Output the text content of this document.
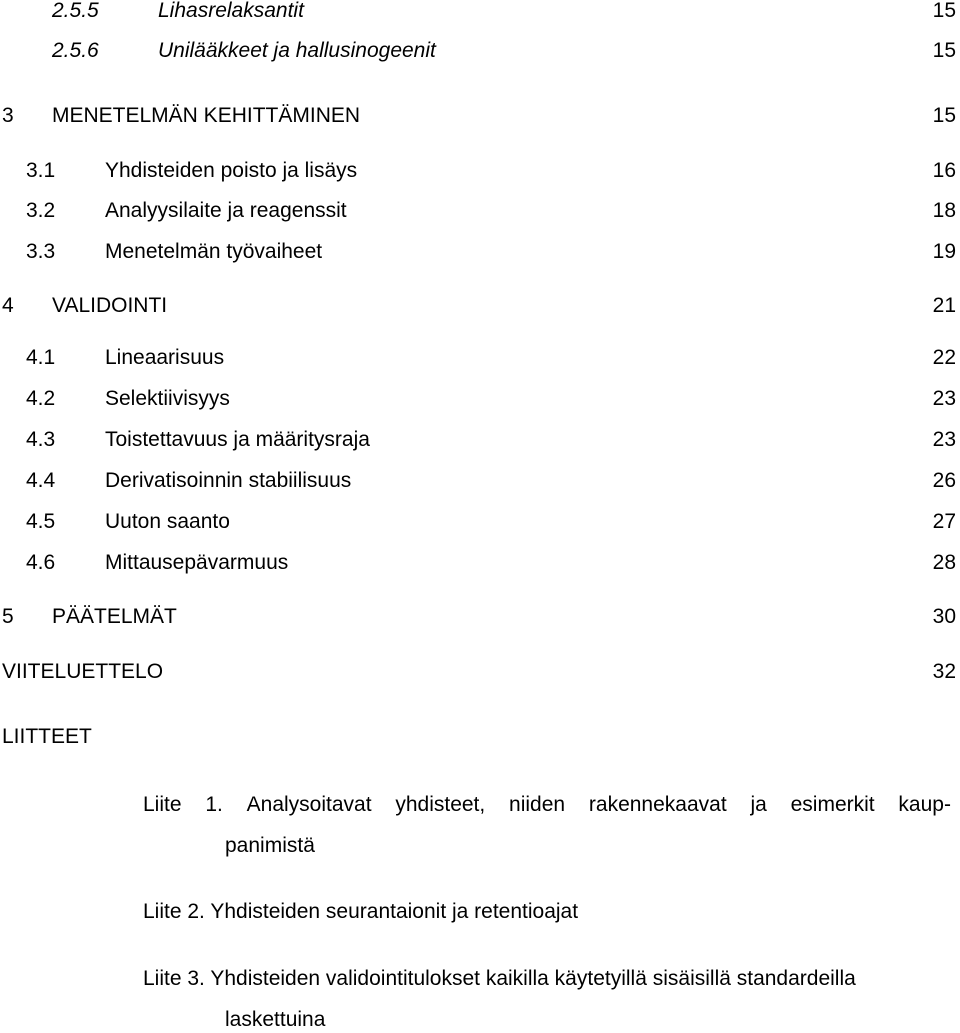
2.5.5	Lihasrelaksantit	15
2.5.6	Unilääkkeet ja hallusinogeenit	15
3 MENETELMÄN KEHITTÄMINEN	15
3.1 Yhdisteiden poisto ja lisäys	16
3.2 Analyysilaite ja reagenssit	18
3.3 Menetelmän työvaiheet	19
4 VALIDOINTI	21
4.1 Lineaarisuus	22
4.2 Selektiivisyys	23
4.3 Toistettavuus ja määritysraja	23
4.4 Derivatisoinnin stabiilisuus	26
4.5 Uuton saanto	27
4.6 Mittausepävarmuus	28
5 PÄÄTELMÄT	30
VIITELUETTELO	32
LIITTEET
Liite 1. Analysoitavat yhdisteet, niiden rakennekaavat ja esimerkit kaup-
panimistä
Liite 2. Yhdisteiden seurantaionit ja retentioajat
Liite 3. Yhdisteiden validointitulokset kaikilla käytetyillä sisäisillä standardeilla
laskettuina
